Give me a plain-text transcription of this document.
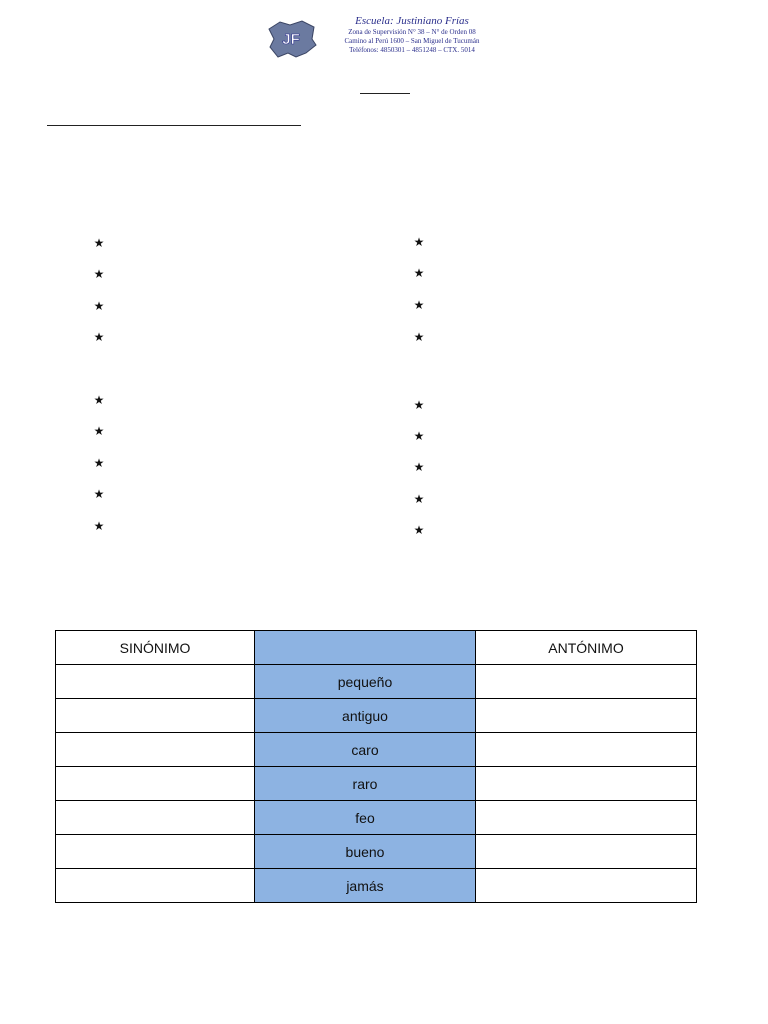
JF
Escuela: Justiniano Frías
Zona de Supervisión N° 38 – N° de Orden 08
Camino al Perú 1600 – San Miguel de Tucumán
Teléfonos: 4850301 – 4851248 – CTX. 5014
★
★
★
★
★
★
★
★
★
★
★
★
★
★
★
★
★
★
SINÓNIMO		ANTÓNIMO
	pequeño	
	antiguo	
	caro	
	raro	
	feo	
	bueno	
	jamás	
